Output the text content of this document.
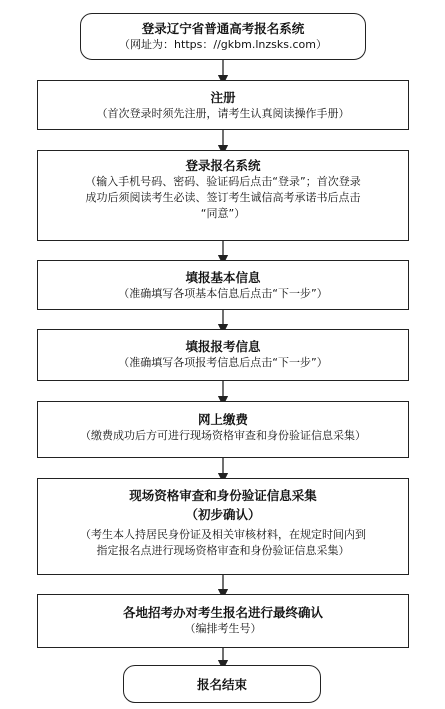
登录辽宁省普通高考报名系统
（网址为：https：//gkbm.lnzsks.com）
注册
（首次登录时须先注册，请考生认真阅读操作手册）
登录报名系统
（输入手机号码、密码、验证码后点击“登录”；首次登录
成功后须阅读考生必读、签订考生诚信高考承诺书后点击
“同意”）
填报基本信息
（准确填写各项基本信息后点击“下一步”）
填报报考信息
（准确填写各项报考信息后点击“下一步”）
网上缴费
（缴费成功后方可进行现场资格审查和身份验证信息采集）
现场资格审查和身份验证信息采集
（初步确认）
（考生本人持居民身份证及相关审核材料，在规定时间内到
指定报名点进行现场资格审查和身份验证信息采集）
各地招考办对考生报名进行最终确认
（编排考生号）
报名结束
